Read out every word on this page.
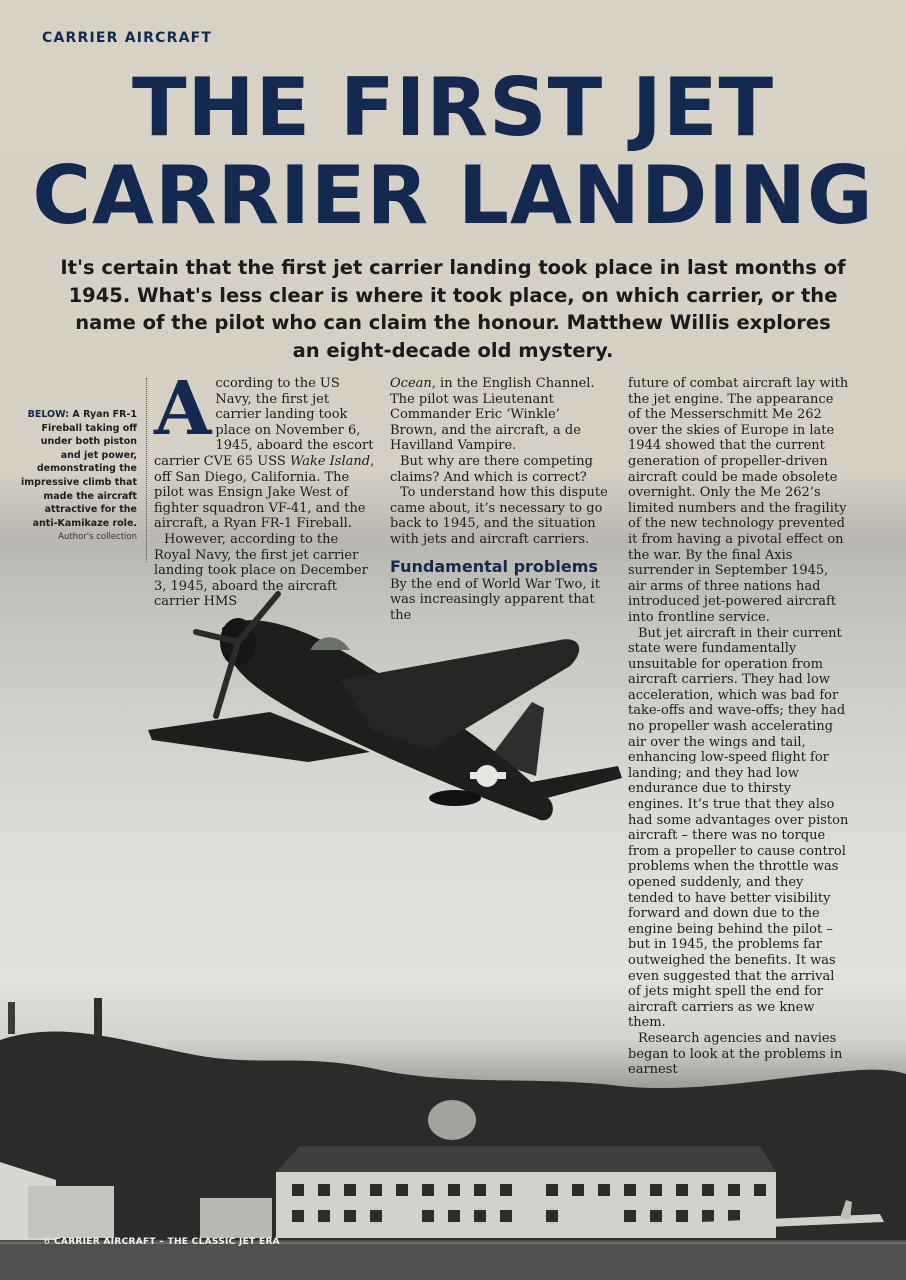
CARRIER AIRCRAFT
THE FIRST JET
CARRIER LANDING
It's certain that the first jet carrier landing took place in last months of 1945. What's less clear is where it took place, on which carrier, or the name of the pilot who can claim the honour. Matthew Willis explores an eight-decade old mystery.
BELOW: A Ryan FR-1 Fireball taking off under both piston and jet power, demonstrating the impressive climb that made the aircraft attractive for the anti-Kamikaze role.
Author's collection

According to the US Navy, the first jet carrier landing took place on November 6, 1945, aboard the escort carrier CVE 65 USS Wake Island, off San Diego, California. The pilot was Ensign Jake West of fighter squadron VF-41, and the aircraft, a Ryan FR-1 Fireball.

However, according to the Royal Navy, the first jet carrier landing took place on December 3, 1945, aboard the aircraft carrier HMS

Ocean, in the English Channel. The pilot was Lieutenant Commander Eric ‘Winkle’ Brown, and the aircraft, a de Havilland Vampire.

But why are there competing claims? And which is correct?

To understand how this dispute came about, it’s necessary to go back to 1945, and the situation with jets and aircraft carriers.

Fundamental problems

By the end of World War Two, it was increasingly apparent that the

future of combat aircraft lay with the jet engine. The appearance of the Messerschmitt Me 262 over the skies of Europe in late 1944 showed that the current generation of propeller-driven aircraft could be made obsolete overnight. Only the Me 262’s limited numbers and the fragility of the new technology prevented it from having a pivotal effect on the war. By the final Axis surrender in September 1945, air arms of three nations had introduced jet-powered aircraft into frontline service.

But jet aircraft in their current state were fundamentally unsuitable for operation from aircraft carriers. They had low acceleration, which was bad for take-offs and wave-offs; they had no propeller wash accelerating air over the wings and tail, enhancing low-speed flight for landing; and they had low endurance due to thirsty engines. It’s true that they also had some advantages over piston aircraft – there was no torque from a propeller to cause control problems when the throttle was opened suddenly, and they tended to have better visibility forward and down due to the engine being behind the pilot – but in 1945, the problems far outweighed the benefits. It was even suggested that the arrival of jets might spell the end for aircraft carriers as we knew them.

Research agencies and navies began to look at the problems in earnest

6 CARRIER AIRCRAFT – THE CLASSIC JET ERA
